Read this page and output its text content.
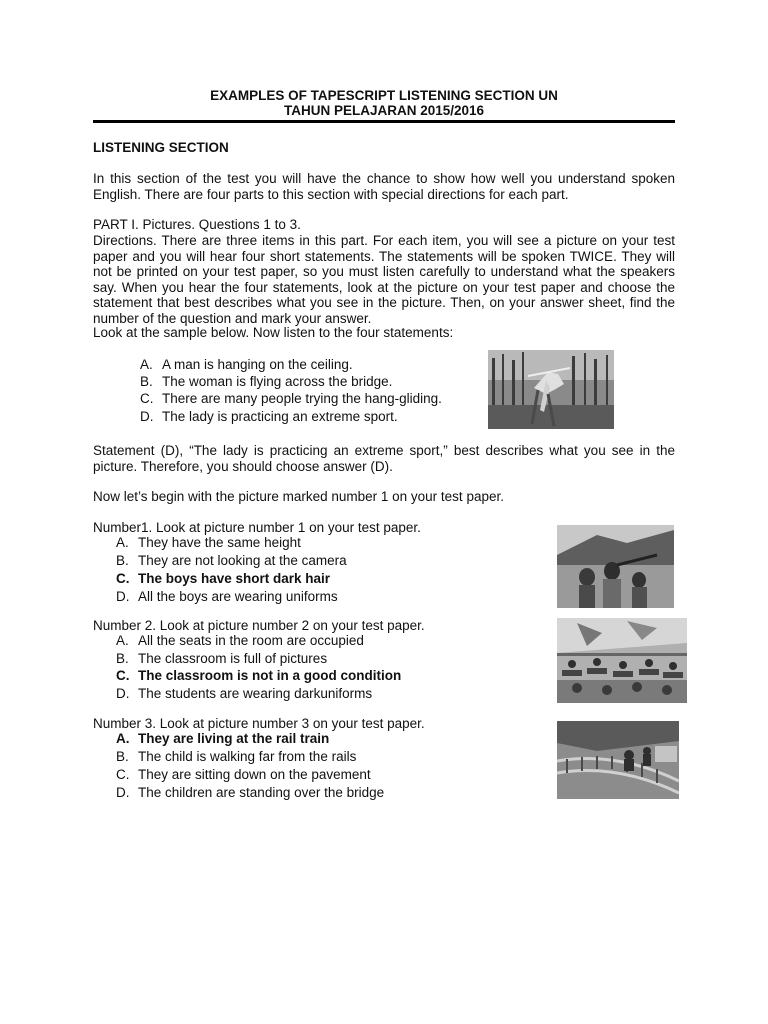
EXAMPLES OF TAPESCRIPT LISTENING SECTION UN
TAHUN PELAJARAN 2015/2016
LISTENING SECTION

In this section of the test you will have the chance to show how well you understand spoken English. There are four parts to this section with special directions for each part.

PART I. Pictures. Questions 1 to 3.

Directions. There are three items in this part. For each item, you will see a picture on your test paper and you will hear four short statements. The statements will be spoken TWICE. They will not be printed on your test paper, so you must listen carefully to understand what the speakers say. When you hear the four statements, look at the picture on your test paper and choose the statement that best describes what you see in the picture. Then, on your answer sheet, find the number of the question and mark your answer.

Look at the sample below. Now listen to the four statements:

A. A man is hanging on the ceiling.
B. The woman is flying across the bridge.
C. There are many people trying the hang-gliding.
D. The lady is practicing an extreme sport.

Statement (D), “The lady is practicing an extreme sport,” best describes what you see in the picture. Therefore, you should choose answer (D).

Now let’s begin with the picture marked number 1 on your test paper.

Number1. Look at picture number 1 on your test paper.

A. They have the same height
B. They are not looking at the camera
C. The boys have short dark hair
D. All the boys are wearing uniforms

Number 2. Look at picture number 2 on your test paper.

A. All the seats in the room are occupied
B. The classroom is full of pictures
C. The classroom is not in a good condition
D. The students are wearing darkuniforms

Number 3. Look at picture number 3 on your test paper.

A. They are living at the rail train
B. The child is walking far from the rails
C. They are sitting down on the pavement
D. The children are standing over the bridge
